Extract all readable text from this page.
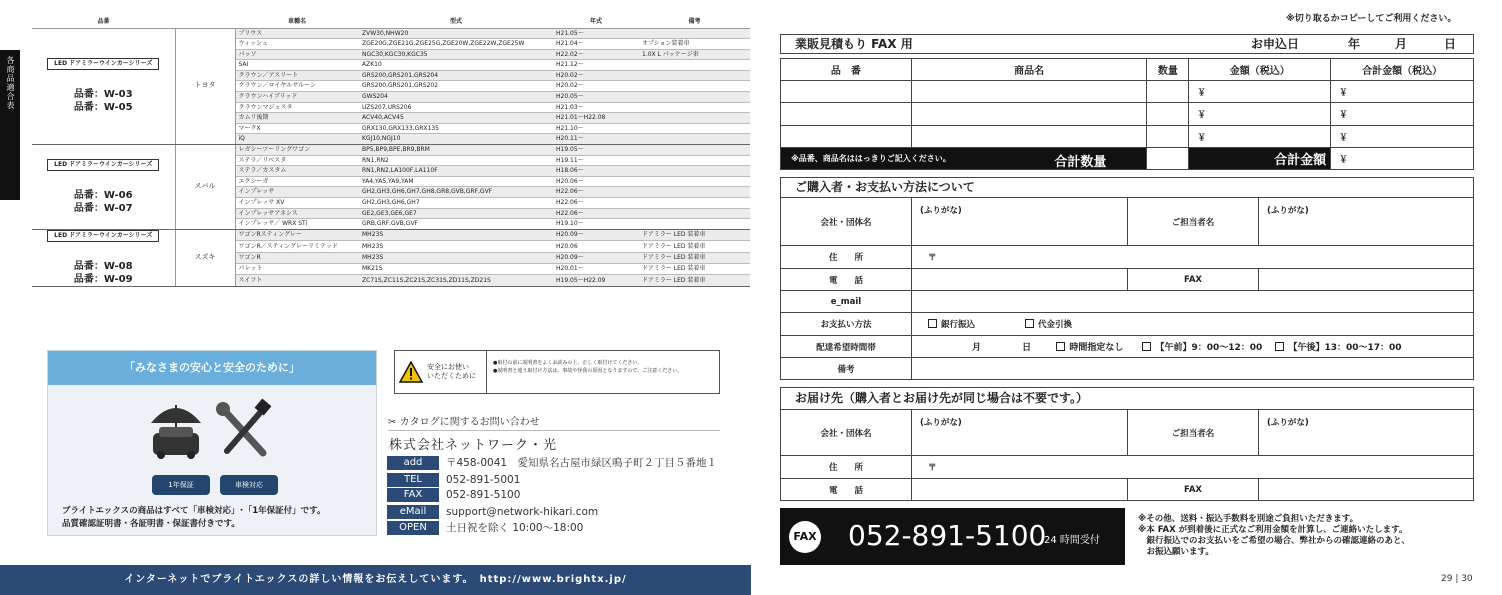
各商品適合表
品番		車種名	型式	年式	備考
LED ドアミラーウインカーシリーズ
品番：W-03
品番：W-05	トヨタ	プリウス	ZVW30,NHW20	H21.05～	
		ウィッシュ	ZGE20G,ZGE21G,ZGE25G,ZGE20W,ZGE22W,ZGE25W	H21.04～	オプション装着車
		パッソ	NGC30,KGC30,KGC35	H22.02～	1.0X L パッケージ車
		SAI	AZK10	H21.12～	
		クラウン／アスリート	GRS200,GRS201,GRS204	H20.02～	
		クラウン／ロイヤルサルーン	GRS200,GRS201,GRS202	H20.02～	
		クラウンハイブリッド	GWS204	H20.05～	
		クラウンマジェスタ	UZS207,URS206	H21.03～	
		カムリ後期	ACV40,ACV45	H21.01～H22.08	
		マークX	GRX130,GRX133,GRX135	H21.10～	
		iQ	KGJ10,NGJ10	H20.11～	
LED ドアミラーウインカーシリーズ
品番：W-06
品番：W-07	スバル	レガシーツーリングワゴン	BP5,BP9,BPE,BR9,BRM	H19.05～	
		ステラ／リベスタ	RN1,RN2	H19.11～	
		ステラ／カスタム	RN1,RN2,LA100F,LA110F	H18.06～	
		エクシーガ	YA4,YA5,YA9,YAM	H20.06～	
		インプレッサ	GH2,GH3,GH6,GH7,GH8,GR8,GVB,GRF,GVF	H22.06～	
		インプレッサ XV	GH2,GH3,GH6,GH7	H22.06～	
		インプレッサアネシス	GE2,GE3,GE6,GE7	H22.06～	
		インプレッサ／ WRX STi	GRB,GRF,GVB,GVF	H19.10～	
LED ドアミラーウインカーシリーズ
品番：W-08
品番：W-09	スズキ	ワゴンRスティングレー	MH23S	H20.09～	ドアミラー LED 装着車
		ワゴンR／スティングレーリミテッド	MH23S	H20.06	ドアミラー LED 装着車
		ワゴンR	MH23S	H20.09～	ドアミラー LED 装着車
		パレット	MK21S	H20.01～	ドアミラー LED 装着車
		スイフト	ZC71S,ZC11S,ZC21S,ZC31S,ZD11S,ZD21S	H19.05～H22.09	ドアミラー LED 装着車
「みなさまの安心と安全のために」
1年保証	車検対応
ブライトエックスの商品はすべて「車検対応」･「1年保証付」です。
品質確認証明書・各証明書・保証書付きです。
安全にお使い
いただくために
●取付の前に説明書をよくお読みの上、正しく取付けてください。
●説明書と違う取付け方法は、事故や怪我の原因となりますので、ご注意ください。
✂ カタログに関するお問い合わせ
株式会社ネットワーク・光
add	〒458-0041　愛知県名古屋市緑区鳴子町２丁目５番地１
TEL	052-891-5001
FAX	052-891-5100
eMail	support@network-hikari.com
OPEN	土日祝を除く 10:00～18:00
インターネットでブライトエックスの詳しい情報をお伝えしています。　http://www.brightx.jp/
※切り取るかコピーしてご利用ください。
業販見積もり FAX 用	お申込日	年	月	日
品　番	商品名	数量	金額（税込）	合計金額（税込）
			￥	￥
			￥	￥
			￥	￥
※品番、商品名ははっきりご記入ください。 合計数量			合計金額	￥
ご購入者・お支払い方法について
会社・団体名	(ふりがな)	ご担当者名	(ふりがな)
住　　所	〒		
電　　話		FAX	
e_mail			
お支払い方法	銀行振込 代金引換		
配達希望時間帯	月 日 時間指定なし 【午前】9：00～12：00 【午後】13：00～17：00		
備考			
お届け先（購入者とお届け先が同じ場合は不要です。）
会社・団体名	(ふりがな)	ご担当者名	(ふりがな)
住　　所	〒		
電　　話		FAX	
FAX 052-891-5100
24 時間受付
※その他、送料・振込手数料を別途ご負担いただきます。
※本 FAX が到着後に正式なご利用金額を計算し、ご連絡いたします。
　銀行振込でのお支払いをご希望の場合、弊社からの確認連絡のあと、
　お振込願います。
29 | 30
